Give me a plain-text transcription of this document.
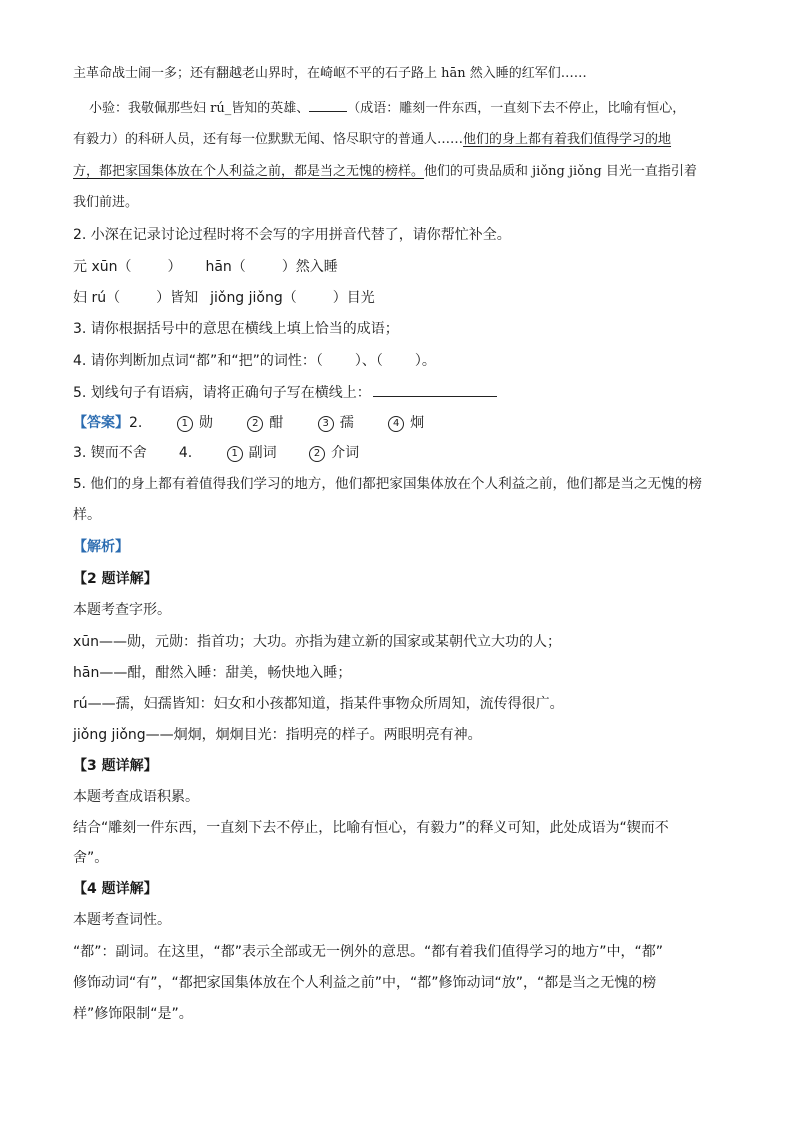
主革命战士闹一多；还有翻越老山界时，在崎岖不平的石子路上 hān 然入睡的红军们……
小验：我敬佩那些妇 rú_皆知的英雄、	（成语：雕刻一件东西，一直刻下去不停止，比喻有恒心，
有毅力）的科研人员，还有每一位默默无闻、恪尽职守的普通人……他们的身上都有着我们值得学习的地
方，都把家国集体放在个人利益之前，都是当之无愧的榜样。他们的可贵品质和 jiǒng jiǒng 目光一直指引着
我们前进。
2. 小深在记录讨论过程时将不会写的字用拼音代替了，请你帮忙补全。
元 xūn（	） hān（	）然入睡
妇 rú（	）皆知 jiǒng jiǒng（	）目光
3. 请你根据括号中的意思在横线上填上恰当的成语；
4. 请你判断加点词“都”和“把”的词性：（ ）、（ ）。
5. 划线句子有语病，请将正确句子写在横线上：
【答案】2.	1 勋	2 酣	3 孺	4 炯
3. 锲而不舍 4.	1 副词	2 介词
5. 他们的身上都有着值得我们学习的地方，他们都把家国集体放在个人利益之前，他们都是当之无愧的榜
样。
【解析】
【2 题详解】
本题考查字形。
xūn——勋，元勋：指首功；大功。亦指为建立新的国家或某朝代立大功的人；
hān——酣，酣然入睡：甜美，畅快地入睡；
rú——孺，妇孺皆知：妇女和小孩都知道，指某件事物众所周知，流传得很广。
jiǒng jiǒng——炯炯，炯炯目光：指明亮的样子。两眼明亮有神。
【3 题详解】
本题考查成语积累。
结合“雕刻一件东西，一直刻下去不停止，比喻有恒心，有毅力”的释义可知，此处成语为“锲而不
舍”。
【4 题详解】
本题考查词性。
“都”：副词。在这里，“都”表示全部或无一例外的意思。“都有着我们值得学习的地方”中，“都”
修饰动词“有”，“都把家国集体放在个人利益之前”中，“都”修饰动词“放”，“都是当之无愧的榜
样”修饰限制“是”。
